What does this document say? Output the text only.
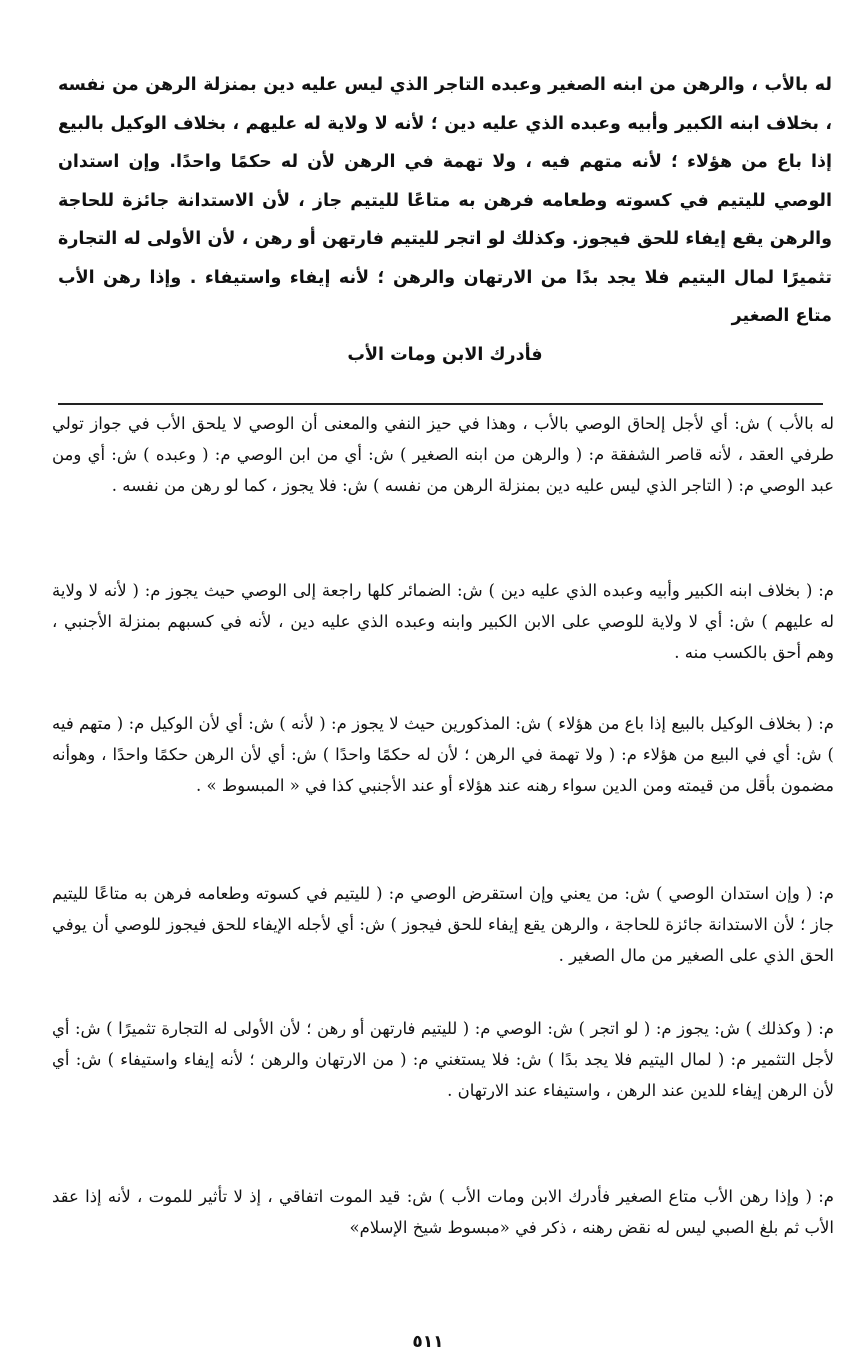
له بالأب ، والرهن من ابنه الصغير وعبده التاجر الذي ليس عليه دين بمنزلة الرهن من نفسه ، بخلاف ابنه الكبير وأبيه وعبده الذي عليه دين ؛ لأنه لا ولاية له عليهم ، بخلاف الوكيل بالبيع إذا باع من هؤلاء ؛ لأنه متهم فيه ، ولا تهمة في الرهن لأن له حكمًا واحدًا. وإن استدان الوصي لليتيم في كسوته وطعامه فرهن به متاعًا لليتيم جاز ، لأن الاستدانة جائزة للحاجة والرهن يقع إيفاء للحق فيجوز. وكذلك لو اتجر لليتيم فارتهن أو رهن ، لأن الأولى له التجارة تثميرًا لمال اليتيم فلا يجد بدًا من الارتهان والرهن ؛ لأنه إيفاء واستيفاء . وإذا رهن الأب متاع الصغير
فأدرك الابن ومات الأب

له بالأب ) ش: أي لأجل إلحاق الوصي بالأب ، وهذا في حيز النفي والمعنى أن الوصي لا يلحق الأب في جواز تولي طرفي العقد ، لأنه قاصر الشفقة م: ( والرهن من ابنه الصغير ) ش: أي من ابن الوصي م: ( وعبده ) ش: أي ومن عبد الوصي م: ( التاجر الذي ليس عليه دين بمنزلة الرهن من نفسه ) ش: فلا يجوز ، كما لو رهن من نفسه .

م: ( بخلاف ابنه الكبير وأبيه وعبده الذي عليه دين ) ش: الضمائر كلها راجعة إلى الوصي حيث يجوز م: ( لأنه لا ولاية له عليهم ) ش: أي لا ولاية للوصي على الابن الكبير وابنه وعبده الذي عليه دين ، لأنه في كسبهم بمنزلة الأجنبي ، وهم أحق بالكسب منه .

م: ( بخلاف الوكيل بالبيع إذا باع من هؤلاء ) ش: المذكورين حيث لا يجوز م: ( لأنه ) ش: أي لأن الوكيل م: ( متهم فيه ) ش: أي في البيع من هؤلاء م: ( ولا تهمة في الرهن ؛ لأن له حكمًا واحدًا ) ش: أي لأن الرهن حكمًا واحدًا ، وهوأنه مضمون بأقل من قيمته ومن الدين سواء رهنه عند هؤلاء أو عند الأجنبي كذا في « المبسوط » .

م: ( وإن استدان الوصي ) ش: من يعني وإن استقرض الوصي م: ( لليتيم في كسوته وطعامه فرهن به متاعًا لليتيم جاز ؛ لأن الاستدانة جائزة للحاجة ، والرهن يقع إيفاء للحق فيجوز ) ش: أي لأجله الإيفاء للحق فيجوز للوصي أن يوفي الحق الذي على الصغير من مال الصغير .

م: ( وكذلك ) ش: يجوز م: ( لو اتجر ) ش: الوصي م: ( لليتيم فارتهن أو رهن ؛ لأن الأولى له التجارة تثميرًا ) ش: أي لأجل التثمير م: ( لمال اليتيم فلا يجد بدًا ) ش: فلا يستغني م: ( من الارتهان والرهن ؛ لأنه إيفاء واستيفاء ) ش: أي لأن الرهن إيفاء للدين عند الرهن ، واستيفاء عند الارتهان .

م: ( وإذا رهن الأب متاع الصغير فأدرك الابن ومات الأب ) ش: قيد الموت اتفاقي ، إذ لا تأثير للموت ، لأنه إذا عقد الأب ثم بلغ الصبي ليس له نقض رهنه ، ذكر في «مبسوط شيخ الإسلام»

٥١١
